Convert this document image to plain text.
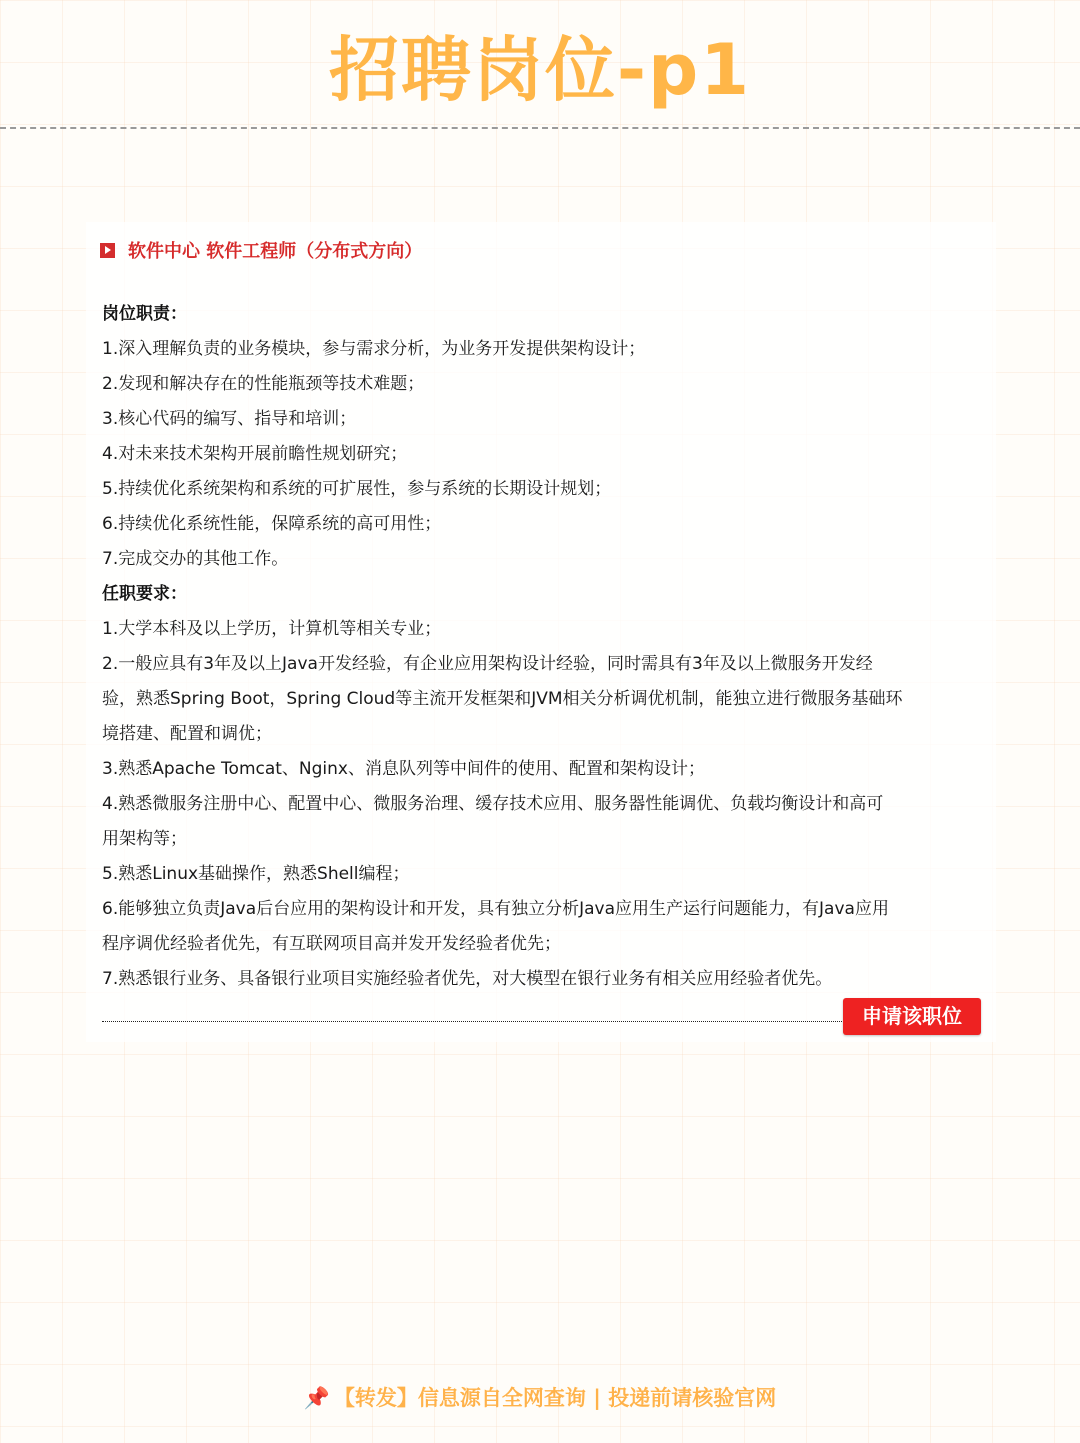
招聘岗位-p1
软件中心 软件工程师（分布式方向）
岗位职责：
1.深入理解负责的业务模块，参与需求分析，为业务开发提供架构设计；
2.发现和解决存在的性能瓶颈等技术难题；
3.核心代码的编写、指导和培训；
4.对未来技术架构开展前瞻性规划研究；
5.持续优化系统架构和系统的可扩展性，参与系统的长期设计规划；
6.持续优化系统性能，保障系统的高可用性；
7.完成交办的其他工作。
任职要求：
1.大学本科及以上学历，计算机等相关专业；
2.一般应具有3年及以上Java开发经验，有企业应用架构设计经验，同时需具有3年及以上微服务开发经
验，熟悉Spring Boot，Spring Cloud等主流开发框架和JVM相关分析调优机制，能独立进行微服务基础环
境搭建、配置和调优；
3.熟悉Apache Tomcat、Nginx、消息队列等中间件的使用、配置和架构设计；
4.熟悉微服务注册中心、配置中心、微服务治理、缓存技术应用、服务器性能调优、负载均衡设计和高可
用架构等；
5.熟悉Linux基础操作，熟悉Shell编程；
6.能够独立负责Java后台应用的架构设计和开发，具有独立分析Java应用生产运行问题能力，有Java应用
程序调优经验者优先，有互联网项目高并发开发经验者优先；
7.熟悉银行业务、具备银行业项目实施经验者优先，对大模型在银行业务有相关应用经验者优先。
申请该职位
📌 【转发】信息源自全网查询 | 投递前请核验官网
